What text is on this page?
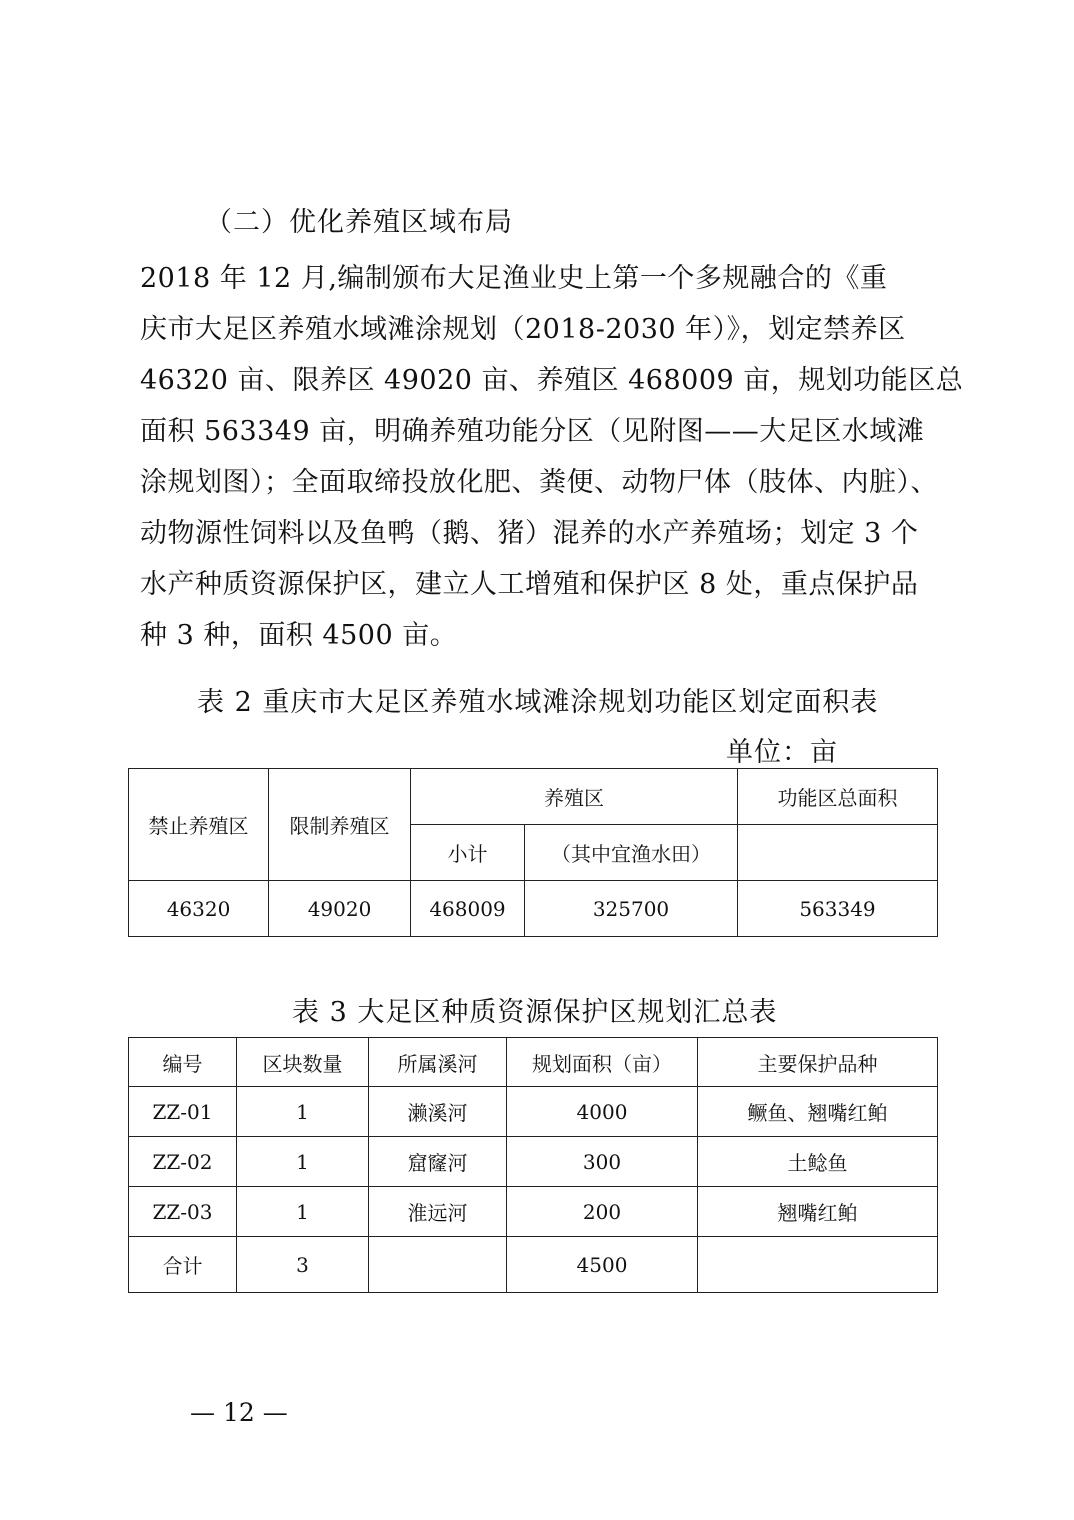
（二）优化养殖区域布局
2018 年 12 月,编制颁布大足渔业史上第一个多规融合的《重
庆市大足区养殖水域滩涂规划（2018-2030 年）》，划定禁养区
46320 亩、限养区 49020 亩、养殖区 468009 亩，规划功能区总
面积 563349 亩，明确养殖功能分区（见附图——大足区水域滩
涂规划图）；全面取缔投放化肥、粪便、动物尸体（肢体、内脏）、
动物源性饲料以及鱼鸭（鹅、猪）混养的水产养殖场；划定 3 个
水产种质资源保护区，建立人工增殖和保护区 8 处，重点保护品
种 3 种，面积 4500 亩。
表 2 重庆市大足区养殖水域滩涂规划功能区划定面积表
单位：亩
禁止养殖区	限制养殖区	养殖区		功能区总面积
		小计	（其中宜渔水田）	
46320	49020	468009	325700	563349
表 3 大足区种质资源保护区规划汇总表
编号	区块数量	所属溪河	规划面积（亩）	主要保护品种
ZZ-01	1	濑溪河	4000	鳜鱼、翘嘴红鲌
ZZ-02	1	窟窿河	300	土鲶鱼
ZZ-03	1	淮远河	200	翘嘴红鲌
合计	3		4500	
— 12 —
